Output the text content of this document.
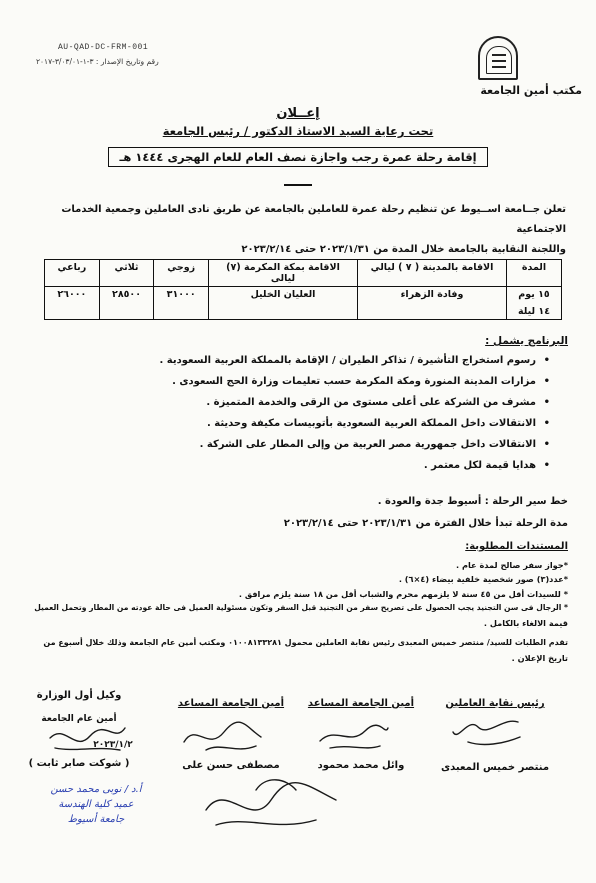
AU-QAD-DC-FRM-001
رقم وتاريخ الإصدار : ٣-١-٣/٠٣/٠١-٢٠١٧
مكتب أمين الجامعة
إعــلان
تحت رعاية السيد الاستاذ الدكتور / رئيس الجامعة
إقامة رحلة عمرة رجب واجازة نصف العام للعام الهجرى ١٤٤٤ هـ
تعلن جــامعة اســيوط عن تنظيم رحلة عمرة للعاملين بالجامعة عن طريق نادى العاملين وجمعية الخدمات الاجتماعية
واللجنة النقابية بالجامعة خلال المدة من ٢٠٢٣/١/٣١ حتى ٢٠٢٣/٢/١٤
المدة	الاقامة بالمدينة ( ٧ ) ليالي	الاقامة بمكة المكرمة (٧) ليالى	زوجي	ثلاثي	رباعي

١٥ يوم
١٤ ليلة	وفادة الزهراء	العليان الخليل	٣١٠٠٠	٢٨٥٠٠	٢٦٠٠٠
البرنامج يشمل :
• رسوم استخراج التأشيرة / تذاكر الطيران / الإقامة بالمملكة العربية السعودية .
• مزارات المدينة المنورة ومكة المكرمة حسب تعليمات وزارة الحج السعودى .
• مشرف من الشركة على أعلى مستوى من الرقى والخدمة المتميزة .
• الانتقالات داخل المملكة العربية السعودية بأتوبيسات مكيفة وحديثة .
• الانتقالات داخل جمهورية مصر العربية من وإلى المطار على الشركة .
• هدايا قيمة لكل معتمر .
خط سير الرحلة : أسيوط جدة والعودة .
مدة الرحلة تبدأ خلال الفترة من ٢٠٢٣/١/٣١ حتى ٢٠٢٣/٢/١٤
المستندات المطلوبة:
*جواز سفر صالح لمدة عام .
*عدد(٣) صور شخصية خلفية بيضاء (٤×٦) .
* للسيدات أقل من ٤٥ سنة لا يلزمهم محرم والشباب أقل من ١٨ سنة يلزم مرافق .
* الرجال فى سن التجنيد يجب الحصول على تصريح سفر من التجنيد قبل السفر وتكون مسئولية العميل فى حالة عودته من المطار وتحمل العميل
قيمة الالغاء بالكامل .
تقدم الطلبات للسيد/ منتصر خميس المعبدى رئيس نقابة العاملين محمول ٠١٠٠٨١٣٣٢٨١ ومكتب أمين عام الجامعة وذلك خلال أسبوع من
تاريخ الإعلان .
رئيس نقابة العاملين
أمين الجامعة المساعد
أمين الجامعة المساعد
وكيل أول الوزارة
أمين عام الجامعة
٢٠٢٣/١/٢
منتصر خميس المعبدى
وائل محمد محمود
مصطفى حسن على
( شوكت صابر ثابت )
أ.د / نوبى محمد حسن
عميد كلية الهندسة
جامعة أسيوط
